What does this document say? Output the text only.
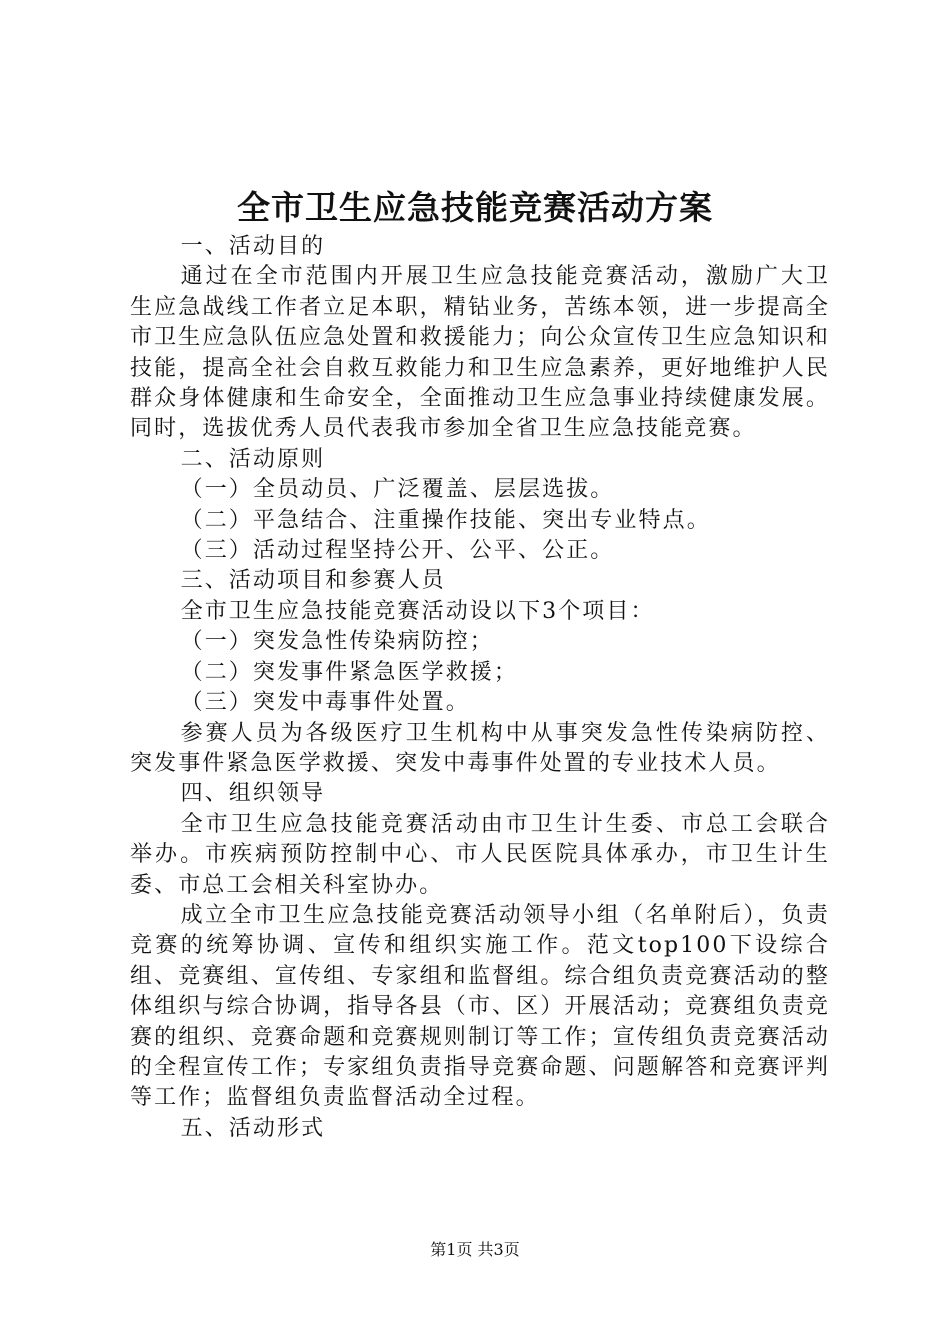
全市卫生应急技能竞赛活动方案

一、活动目的

通过在全市范围内开展卫生应急技能竞赛活动，激励广大卫生应急战线工作者立足本职，精钻业务，苦练本领，进一步提高全市卫生应急队伍应急处置和救援能力；向公众宣传卫生应急知识和技能，提高全社会自救互救能力和卫生应急素养，更好地维护人民群众身体健康和生命安全，全面推动卫生应急事业持续健康发展。同时，选拔优秀人员代表我市参加全省卫生应急技能竞赛。

二、活动原则

（一）全员动员、广泛覆盖、层层选拔。

（二）平急结合、注重操作技能、突出专业特点。

（三）活动过程坚持公开、公平、公正。

三、活动项目和参赛人员

全市卫生应急技能竞赛活动设以下3个项目：

（一）突发急性传染病防控；

（二）突发事件紧急医学救援；

（三）突发中毒事件处置。

参赛人员为各级医疗卫生机构中从事突发急性传染病防控、突发事件紧急医学救援、突发中毒事件处置的专业技术人员。

四、组织领导

全市卫生应急技能竞赛活动由市卫生计生委、市总工会联合举办。市疾病预防控制中心、市人民医院具体承办，市卫生计生委、市总工会相关科室协办。

成立全市卫生应急技能竞赛活动领导小组（名单附后），负责竞赛的统筹协调、宣传和组织实施工作。范文top100下设综合组、竞赛组、宣传组、专家组和监督组。综合组负责竞赛活动的整体组织与综合协调，指导各县（市、区）开展活动；竞赛组负责竞赛的组织、竞赛命题和竞赛规则制订等工作；宣传组负责竞赛活动的全程宣传工作；专家组负责指导竞赛命题、问题解答和竞赛评判等工作；监督组负责监督活动全过程。

五、活动形式

第1页 共3页
